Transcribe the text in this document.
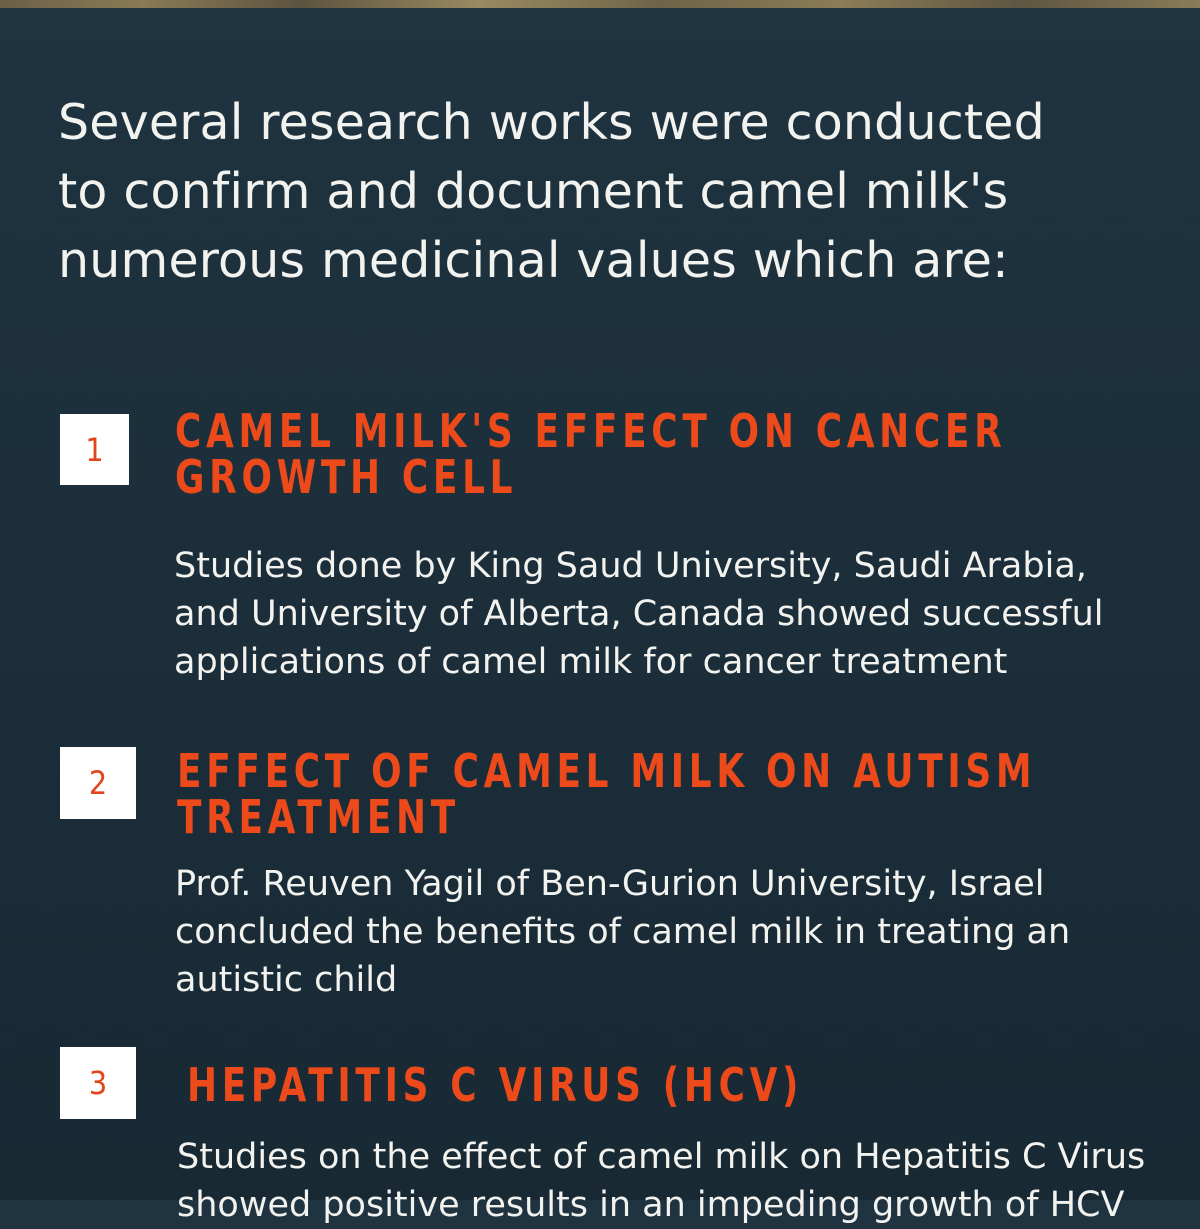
Several research works were conducted
to confirm and document camel milk's
numerous medicinal values which are:

1	CAMEL MILK'S EFFECT ON CANCER
GROWTH CELL

Studies done by King Saud University, Saudi Arabia,
and University of Alberta, Canada showed successful
applications of camel milk for cancer treatment

2	EFFECT OF CAMEL MILK ON AUTISM
TREATMENT

Prof. Reuven Yagil of Ben-Gurion University, Israel
concluded the benefits of camel milk in treating an
autistic child

3	HEPATITIS C VIRUS (HCV)

Studies on the effect of camel milk on Hepatitis C Virus
showed positive results in an impeding growth of HCV
